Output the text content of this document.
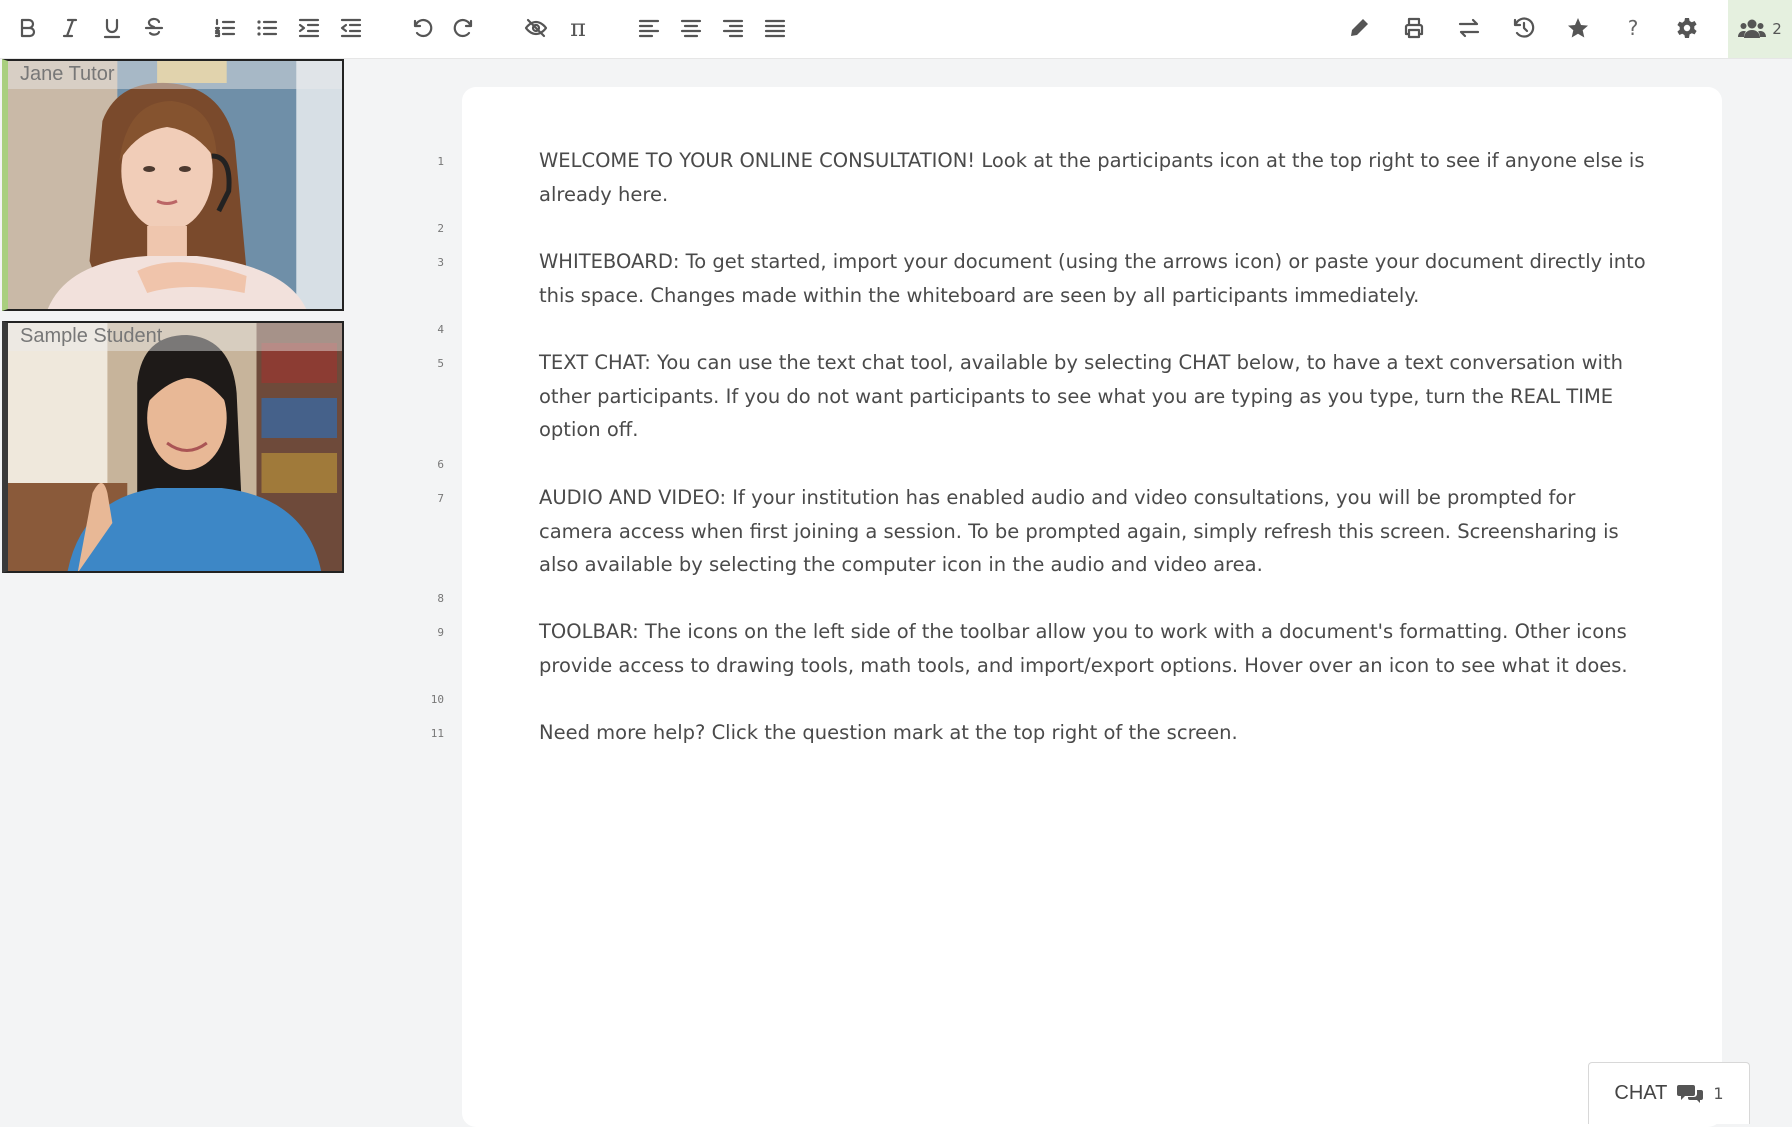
π	?	2
Jane Tutor
Sample Student
1
2
3
4
5
6
7
8
9
10
11
WELCOME TO YOUR ONLINE CONSULTATION! Look at the participants icon at the top right to see if anyone else is already here.
WHITEBOARD: To get started, import your document (using the arrows icon) or paste your document directly into this space. Changes made within the whiteboard are seen by all participants immediately.
TEXT CHAT: You can use the text chat tool, available by selecting CHAT below, to have a text conversation with other participants. If you do not want participants to see what you are typing as you type, turn the REAL TIME option off.
AUDIO AND VIDEO: If your institution has enabled audio and video consultations, you will be prompted for camera access when first joining a session. To be prompted again, simply refresh this screen. Screensharing is also available by selecting the computer icon in the audio and video area.
TOOLBAR: The icons on the left side of the toolbar allow you to work with a document's formatting. Other icons provide access to drawing tools, math tools, and import/export options. Hover over an icon to see what it does.
Need more help? Click the question mark at the top right of the screen.
CHAT	1
